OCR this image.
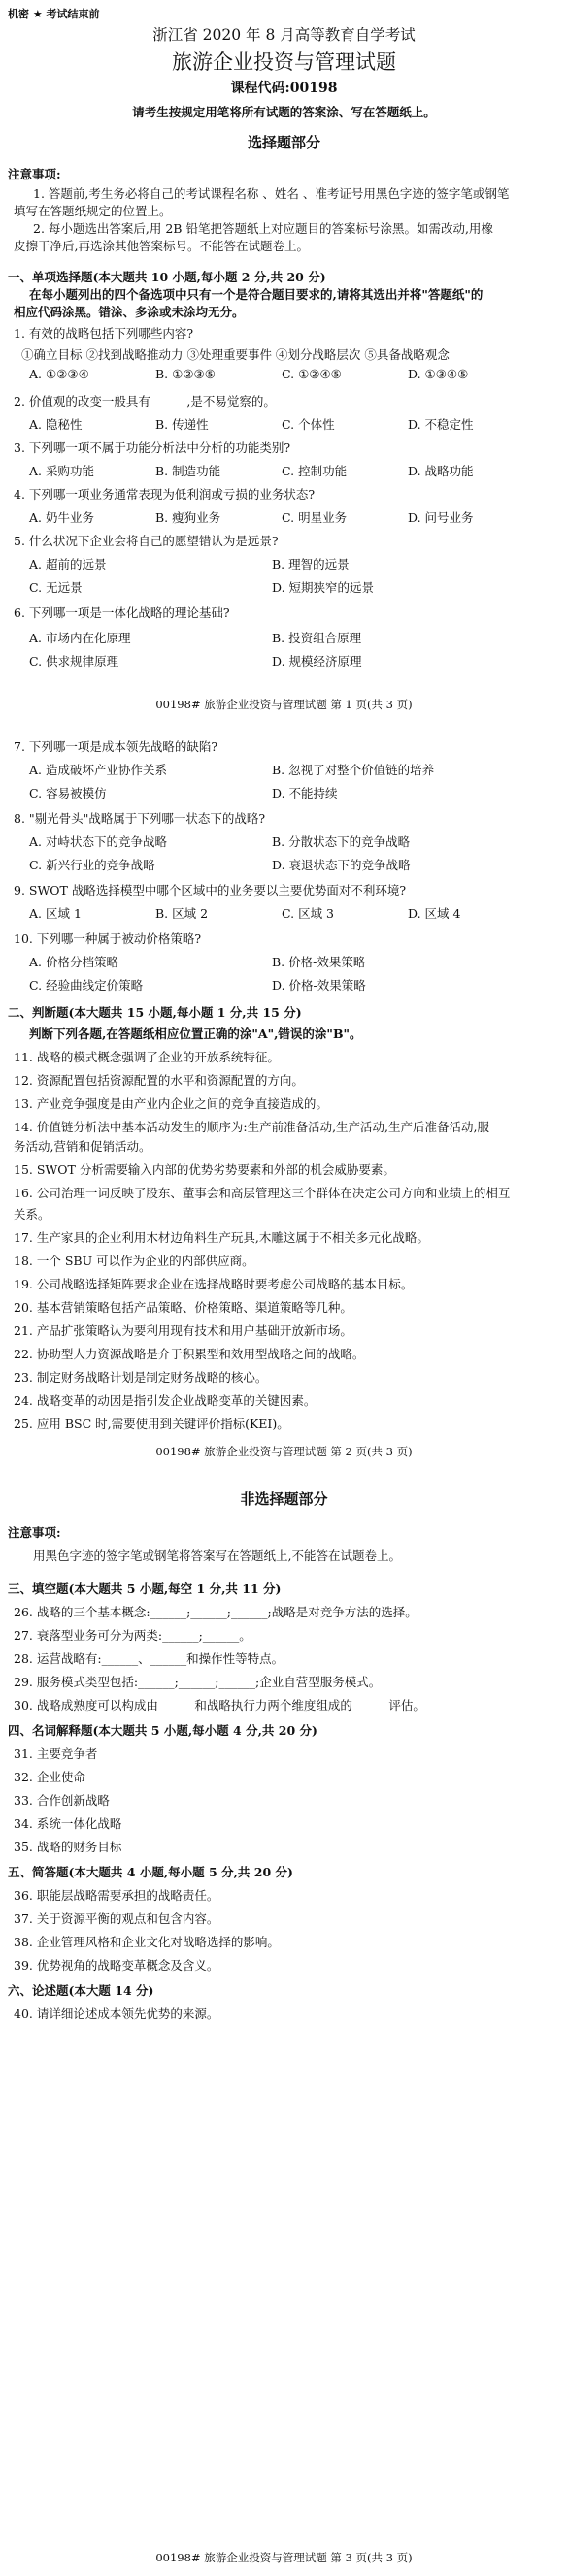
机密 ★ 考试结束前
浙江省 2020 年 8 月高等教育自学考试
旅游企业投资与管理试题
课程代码:00198
请考生按规定用笔将所有试题的答案涂、写在答题纸上。
选择题部分
注意事项:
1. 答题前,考生务必将自己的考试课程名称 、姓名 、准考证号用黑色字迹的签字笔或钢笔
填写在答题纸规定的位置上。
2. 每小题选出答案后,用 2B 铅笔把答题纸上对应题目的答案标号涂黑。如需改动,用橡
皮擦干净后,再选涂其他答案标号。不能答在试题卷上。
一、单项选择题(本大题共 10 小题,每小题 2 分,共 20 分)
在每小题列出的四个备选项中只有一个是符合题目要求的,请将其选出并将"答题纸"的
相应代码涂黑。错涂、多涂或未涂均无分。
1. 有效的战略包括下列哪些内容?
①确立目标 ②找到战略推动力 ③处理重要事件 ④划分战略层次 ⑤具备战略观念
A. ①②③④	B. ①②③⑤	C. ①②④⑤	D. ①③④⑤
2. 价值观的改变一般具有______,是不易觉察的。
A. 隐秘性	B. 传递性	C. 个体性	D. 不稳定性
3. 下列哪一项不属于功能分析法中分析的功能类别?
A. 采购功能	B. 制造功能	C. 控制功能	D. 战略功能
4. 下列哪一项业务通常表现为低利润或亏损的业务状态?
A. 奶牛业务	B. 瘦狗业务	C. 明星业务	D. 问号业务
5. 什么状况下企业会将自己的愿望错认为是远景?
A. 超前的远景	B. 理智的远景
C. 无远景	D. 短期狭窄的远景
6. 下列哪一项是一体化战略的理论基础?
A. 市场内在化原理	B. 投资组合原理
C. 供求规律原理	D. 规模经济原理
00198# 旅游企业投资与管理试题 第 1 页(共 3 页)
7. 下列哪一项是成本领先战略的缺陷?
A. 造成破坏产业协作关系	B. 忽视了对整个价值链的培养
C. 容易被模仿	D. 不能持续
8. "剔光骨头"战略属于下列哪一状态下的战略?
A. 对峙状态下的竞争战略	B. 分散状态下的竞争战略
C. 新兴行业的竞争战略	D. 衰退状态下的竞争战略
9. SWOT 战略选择模型中哪个区域中的业务要以主要优势面对不利环境?
A. 区域 1	B. 区域 2	C. 区域 3	D. 区域 4
10. 下列哪一种属于被动价格策略?
A. 价格分档策略	B. 价格-效果策略
C. 经验曲线定价策略	D. 价格-效果策略
二、判断题(本大题共 15 小题,每小题 1 分,共 15 分)
判断下列各题,在答题纸相应位置正确的涂"A",错误的涂"B"。
11. 战略的模式概念强调了企业的开放系统特征。
12. 资源配置包括资源配置的水平和资源配置的方向。
13. 产业竞争强度是由产业内企业之间的竞争直接造成的。
14. 价值链分析法中基本活动发生的顺序为:生产前准备活动,生产活动,生产后准备活动,服
务活动,营销和促销活动。
15. SWOT 分析需要输入内部的优势劣势要素和外部的机会威胁要素。
16. 公司治理一词反映了股东、董事会和高层管理这三个群体在决定公司方向和业绩上的相互
关系。
17. 生产家具的企业利用木材边角料生产玩具,木雕这属于不相关多元化战略。
18. 一个 SBU 可以作为企业的内部供应商。
19. 公司战略选择矩阵要求企业在选择战略时要考虑公司战略的基本目标。
20. 基本营销策略包括产品策略、价格策略、渠道策略等几种。
21. 产品扩张策略认为要利用现有技术和用户基础开放新市场。
22. 协助型人力资源战略是介于积累型和效用型战略之间的战略。
23. 制定财务战略计划是制定财务战略的核心。
24. 战略变革的动因是指引发企业战略变革的关键因素。
25. 应用 BSC 时,需要使用到关键评价指标(KEI)。
00198# 旅游企业投资与管理试题 第 2 页(共 3 页)
非选择题部分
注意事项:
用黑色字迹的签字笔或钢笔将答案写在答题纸上,不能答在试题卷上。
三、填空题(本大题共 5 小题,每空 1 分,共 11 分)
26. 战略的三个基本概念:______;______;______;战略是对竞争方法的选择。
27. 衰落型业务可分为两类:______;______。
28. 运营战略有:______、______和操作性等特点。
29. 服务模式类型包括:______;______;______;企业自营型服务模式。
30. 战略成熟度可以构成由______和战略执行力两个维度组成的______评估。
四、名词解释题(本大题共 5 小题,每小题 4 分,共 20 分)
31. 主要竞争者
32. 企业使命
33. 合作创新战略
34. 系统一体化战略
35. 战略的财务目标
五、简答题(本大题共 4 小题,每小题 5 分,共 20 分)
36. 职能层战略需要承担的战略责任。
37. 关于资源平衡的观点和包含内容。
38. 企业管理风格和企业文化对战略选择的影响。
39. 优势视角的战略变革概念及含义。
六、论述题(本大题 14 分)
40. 请详细论述成本领先优势的来源。
00198# 旅游企业投资与管理试题 第 3 页(共 3 页)
